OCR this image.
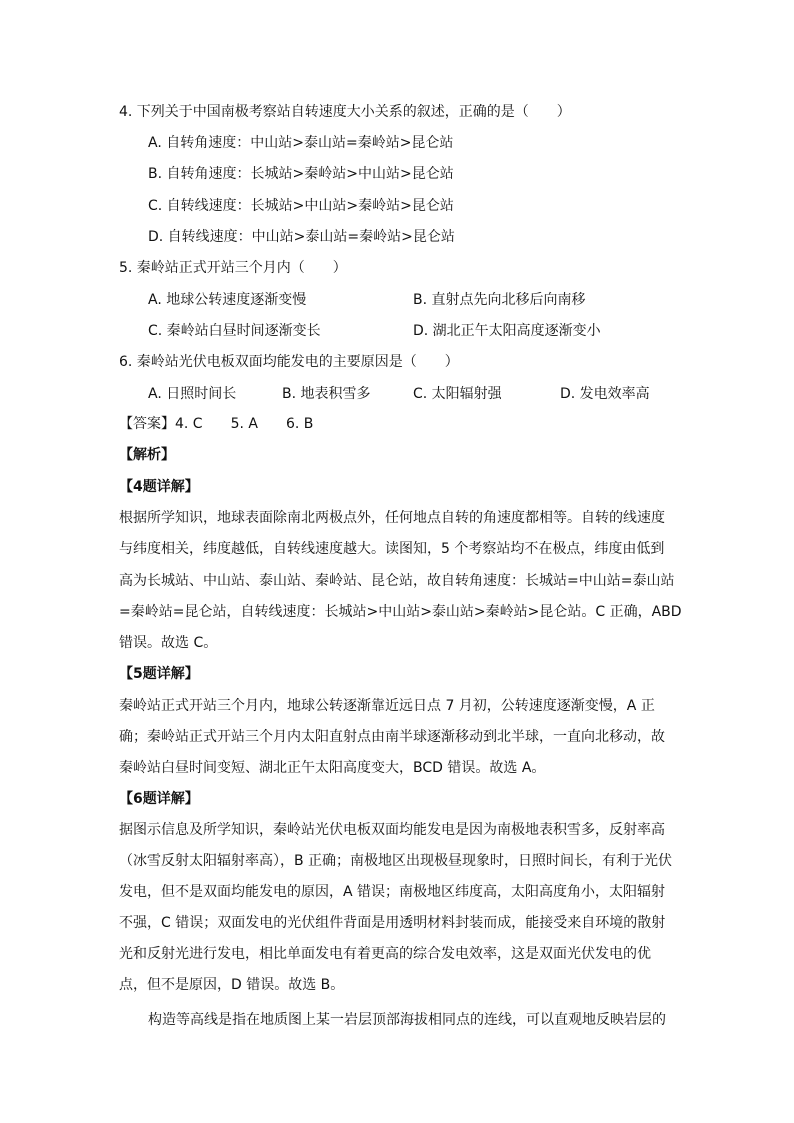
4. 下列关于中国南极考察站自转速度大小关系的叙述，正确的是（　　）
A. 自转角速度：中山站>泰山站=秦岭站>昆仑站
B. 自转角速度：长城站>秦岭站>中山站>昆仑站
C. 自转线速度：长城站>中山站>秦岭站>昆仑站
D. 自转线速度：中山站>泰山站=秦岭站>昆仑站
5. 秦岭站正式开站三个月内（　　）
A. 地球公转速度逐渐变慢	B. 直射点先向北移后向南移
C. 秦岭站白昼时间逐渐变长	D. 湖北正午太阳高度逐渐变小
6. 秦岭站光伏电板双面均能发电的主要原因是（　　）
A. 日照时间长	B. 地表积雪多	C. 太阳辐射强	D. 发电效率高
【答案】4. C　　5. A　　6. B
【解析】
【4题详解】
根据所学知识，地球表面除南北两极点外，任何地点自转的角速度都相等。自转的线速度
与纬度相关，纬度越低，自转线速度越大。读图知，5 个考察站均不在极点，纬度由低到
高为长城站、中山站、泰山站、秦岭站、昆仑站，故自转角速度：长城站=中山站=泰山站
=秦岭站=昆仑站，自转线速度：长城站>中山站>泰山站>秦岭站>昆仑站。C 正确，ABD
错误。故选 C。
【5题详解】
秦岭站正式开站三个月内，地球公转逐渐靠近远日点 7 月初，公转速度逐渐变慢，A 正
确；秦岭站正式开站三个月内太阳直射点由南半球逐渐移动到北半球，一直向北移动，故
秦岭站白昼时间变短、湖北正午太阳高度变大，BCD 错误。故选 A。
【6题详解】
据图示信息及所学知识，秦岭站光伏电板双面均能发电是因为南极地表积雪多，反射率高
（冰雪反射太阳辐射率高），B 正确；南极地区出现极昼现象时，日照时间长，有利于光伏
发电，但不是双面均能发电的原因，A 错误；南极地区纬度高，太阳高度角小，太阳辐射
不强，C 错误；双面发电的光伏组件背面是用透明材料封装而成，能接受来自环境的散射
光和反射光进行发电，相比单面发电有着更高的综合发电效率，这是双面光伏发电的优
点，但不是原因，D 错误。故选 B。
构造等高线是指在地质图上某一岩层顶部海拔相同点的连线，可以直观地反映岩层的
